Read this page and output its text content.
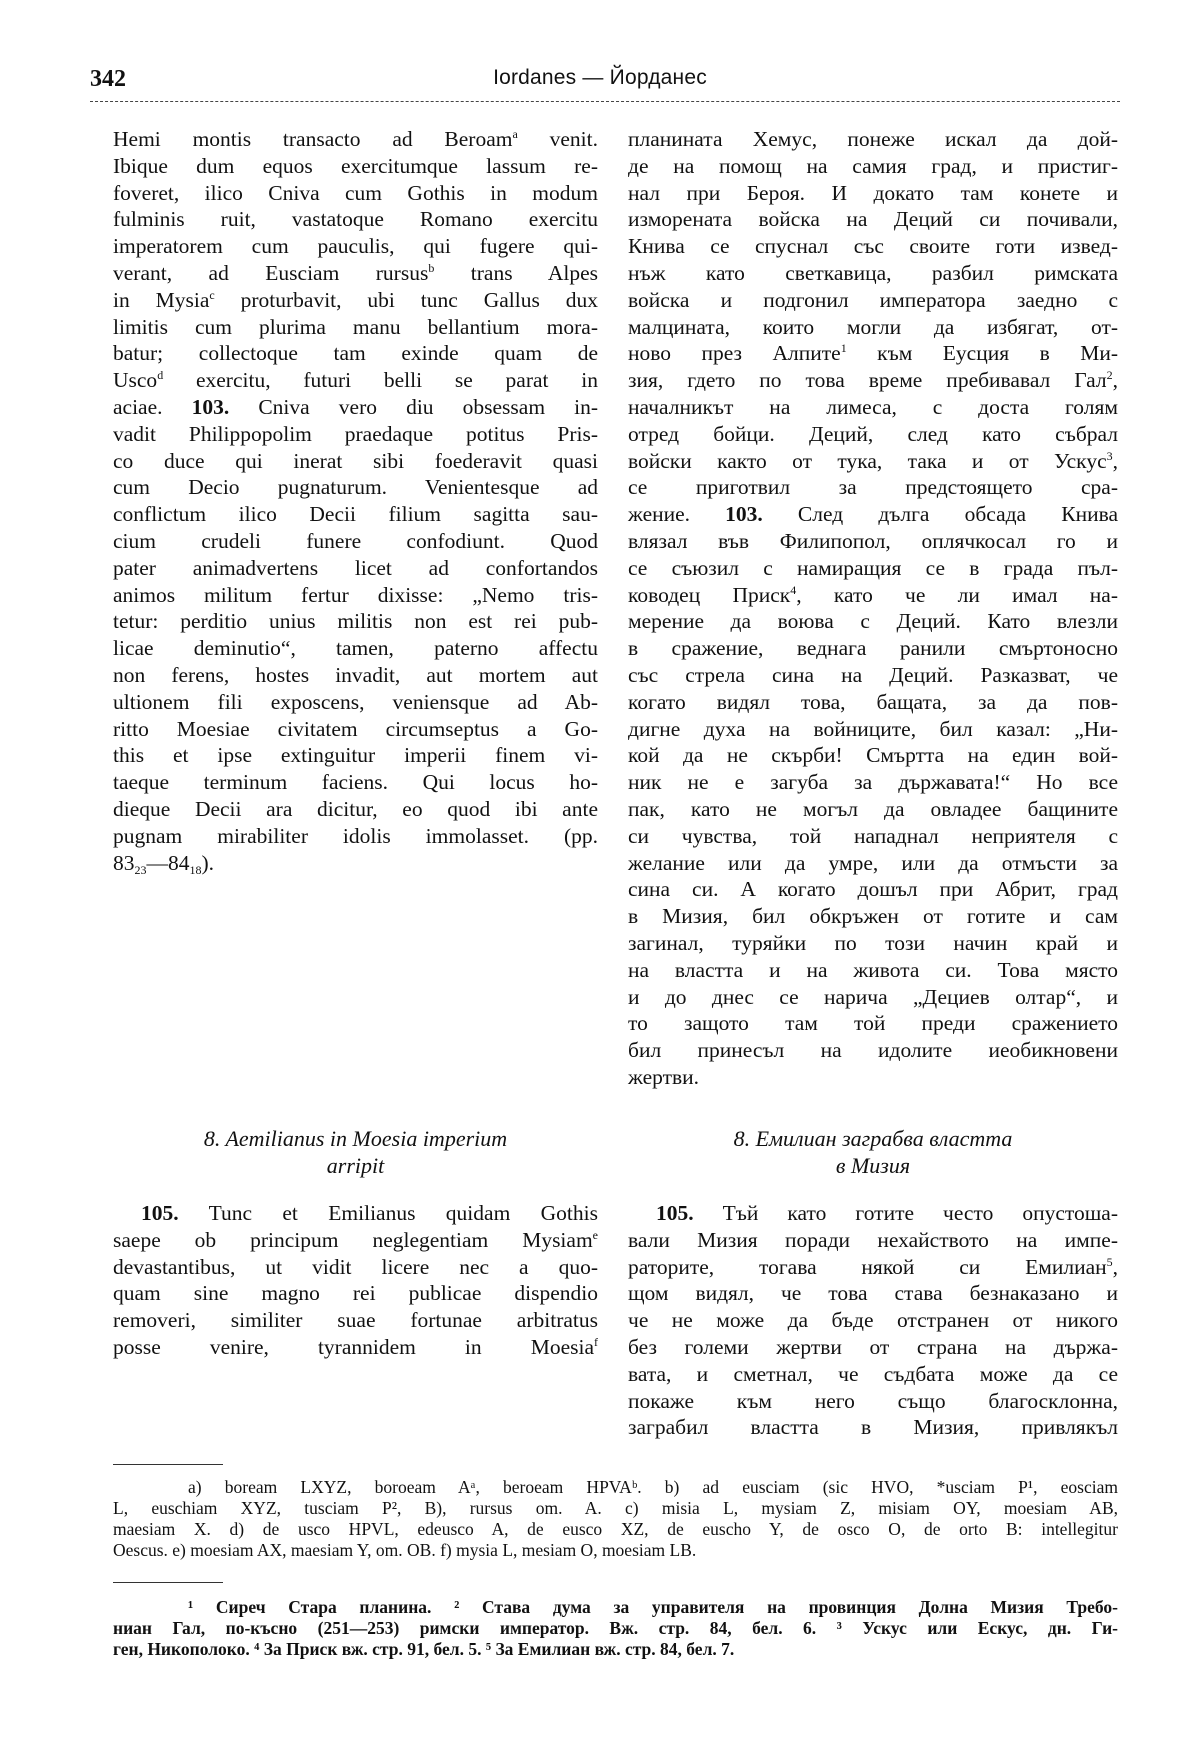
342	Iordanes — Йорданес
Hemi montis transacto ad Beroam$^a$ venit.
Ibique dum equos exercitumque lassum re-
foveret, ilico Cniva cum Gothis in modum
fulminis ruit, vastatoque Romano exercitu
imperatorem cum pauculis, qui fugere qui-
verant, ad Eusciam rursus$^b$ trans Alpes
in Mysia$^c$ proturbavit, ubi tunc Gallus dux
limitis cum plurima manu bellantium mora-
batur; collectoque tam exinde quam de
Usco$^d$ exercitu, futuri belli se parat in
aciae. 103. Cniva vero diu obsessam in-
vadit Philippopolim praedaque potitus Pris-
co duce qui inerat sibi foederavit quasi
cum Decio pugnaturum. Venientesque ad
conflictum ilico Decii filium sagitta sau-
cium crudeli funere confodiunt. Quod
pater animadvertens licet ad confortandos
animos militum fertur dixisse: „Nemo tris-
tetur: perditio unius militis non est rei pub-
licae deminutio“, tamen, paterno affectu
non ferens, hostes invadit, aut mortem aut
ultionem fili exposcens, veniensque ad Ab-
ritto Moesiae civitatem circumseptus a Go-
this et ipse extinguitur imperii finem vi-
taeque terminum faciens. Qui locus ho-
dieque Decii ara dicitur, eo quod ibi ante
pugnam mirabiliter idolis immolasset. (pp.
$83_{23}—84_{18}$).
планината Хемус, понеже искал да дой-
де на помощ на самия град, и пристиг-
нал при Бероя. И докато там конете и
изморената войска на Деций си почивали,
Книва се спуснал със своите готи извед-
нъж като светкавица, разбил римската
войска и подгонил императора заедно с
малцината, които могли да избягат, от-
ново през Алпите$^1$ към Еусция в Ми-
зия, гдето по това време пребивавал Гал$^2$,
началникът на лимеса, с доста голям
отред бойци. Деций, след като събрал
войски както от тука, така и от Ускус$^3$,
се приготвил за предстоящето сра-
жение. 103. След дълга обсада Книва
влязал във Филипопол, оплячкосал го и
се съюзил с намиращия се в града пъл-
ководец Приск$^4$, като че ли имал на-
мерение да воюва с Деций. Като влезли
в сражение, веднага ранили смъртоносно
със стрела сина на Деций. Разказват, че
когато видял това, бащата, за да пов-
дигне духа на войниците, бил казал: „Ни-
кой да не скърби! Смъртта на един вой-
ник не е загуба за държавата!“ Но все
пак, като не могъл да овладее бащините
си чувства, той нападнал неприятеля с
желание или да умре, или да отмъсти за
сина си. А когато дошъл при Абрит, град
в Мизия, бил обкръжен от готите и сам
загинал, туряйки по този начин край и
на властта и на живота си. Това място
и до днес се нарича „Дециев олтар“, и
то защото там той преди сражението
бил принесъл на идолите иеобикновени
жертви.
8. Aemilianus in Moesia imperium
arripit
8. Емилиан заграбва властта
в Мизия
105. Tunc et Emilianus quidam Gothis
saepe ob principum neglegentiam Mysiam$^e$
devastantibus, ut vidit licere nec a quo-
quam sine magno rei publicae dispendio
removeri, similiter suae fortunae arbitratus
posse venire, tyrannidem in Moesia$^f$
105. Тъй като готите често опустоша-
вали Мизия поради нехайството на импе-
раторите, тогава някой си Емилиан$^5$,
щом видял, че това става безнаказано и
че не може да бъде отстранен от никого
без големи жертви от страна на държа-
вата, и сметнал, че съдбата може да се
покаже към него също благосклонна,
заграбил властта в Мизия, привлякъл
a) boream LXYZ, boroeam Aᵃ, beroeam HPVAᵇ. b) ad eusciam (sic HVO, *usciam P¹, eosciam
L, euschiam XYZ, tusciam P², B), rursus om. A. c) misia L, mysiam Z, misiam OY, moesiam AB,
maesiam X. d) de usco HPVL, edeusco A, de eusco XZ, de euscho Y, de osco O, de orto B: intellegitur
Oescus. e) moesiam AX, maesiam Y, om. OB. f) mysia L, mesiam O, moesiam LB.
¹ Сиреч Стара планина. ² Става дума за управителя на провинция Долна Мизия Требо-
ниан Гал, по-късно (251—253) римски император. Вж. стр. 84, бел. 6. ³ Ускус или Ескус, дн. Ги-
ген, Никополоко. ⁴ За Приск вж. стр. 91, бел. 5. ⁵ За Емилиан вж. стр. 84, бел. 7.
